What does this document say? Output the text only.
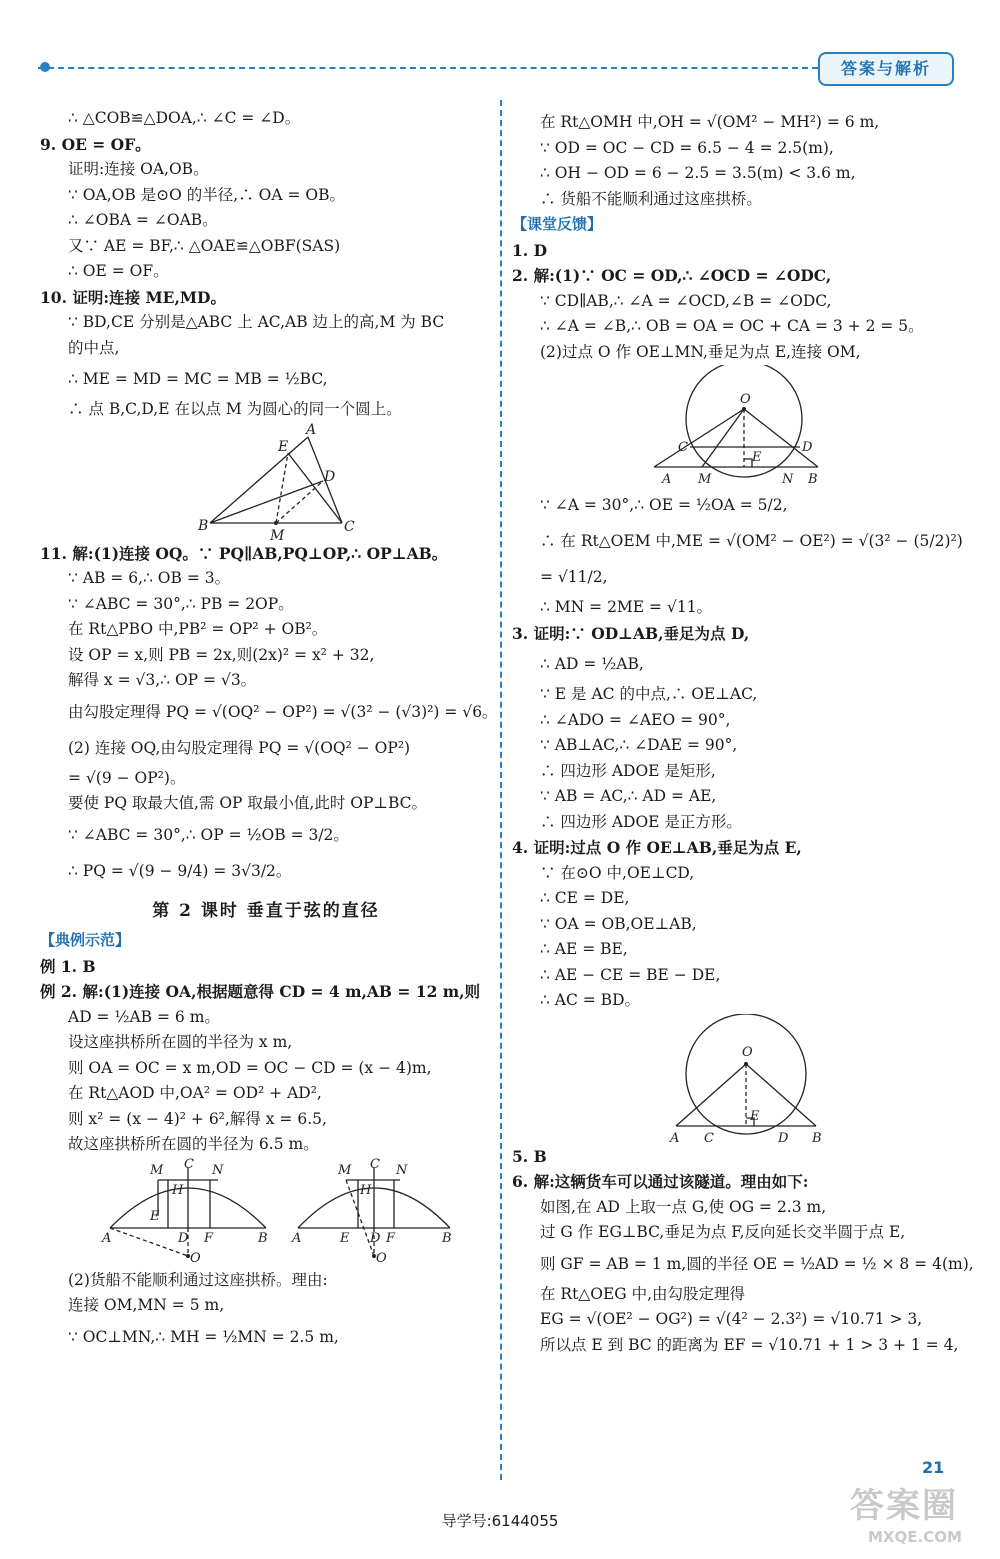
答案与解析
∴ △COB≌△DOA,∴ ∠C = ∠D。
9. OE = OF。
证明:连接 OA,OB。
∵ OA,OB 是⊙O 的半径,∴ OA = OB。
∴ ∠OBA = ∠OAB。
又∵ AE = BF,∴ △OAE≌△OBF(SAS)
∴ OE = OF。
10. 证明:连接 ME,MD。
∵ BD,CE 分别是△ABC 上 AC,AB 边上的高,M 为 BC
的中点,
∴ ME = MD = MC = MB = ½BC,
∴ 点 B,C,D,E 在以点 M 为圆心的同一个圆上。
B
A
C
D
E
M
11. 解:(1)连接 OQ。∵ PQ∥AB,PQ⊥OP,∴ OP⊥AB。
∵ AB = 6,∴ OB = 3。
∵ ∠ABC = 30°,∴ PB = 2OP。
在 Rt△PBO 中,PB² = OP² + OB²。
设 OP = x,则 PB = 2x,则(2x)² = x² + 32,
解得 x = √3,∴ OP = √3。
由勾股定理得 PQ = √(OQ² − OP²) = √(3² − (√3)²) = √6。
(2) 连接 OQ,由勾股定理得 PQ = √(OQ² − OP²)
= √(9 − OP²)。
要使 PQ 取最大值,需 OP 取最小值,此时 OP⊥BC。
∵ ∠ABC = 30°,∴ OP = ½OB = 3/2。
∴ PQ = √(9 − 9/4) = 3√3/2。
第 2 课时 垂直于弦的直径
【典例示范】
例 1. B
例 2. 解:(1)连接 OA,根据题意得 CD = 4 m,AB = 12 m,则
AD = ½AB = 6 m。
设这座拱桥所在圆的半径为 x m,
则 OA = OC = x m,OD = OC − CD = (x − 4)m,
在 Rt△AOD 中,OA² = OD² + AD²,
则 x² = (x − 4)² + 6²,解得 x = 6.5,
故这座拱桥所在圆的半径为 6.5 m。
M C N
H
E
A	D F	B
O
M C N
H
A	E D F	B
O
(2)货船不能顺利通过这座拱桥。理由:
连接 OM,MN = 5 m,
∵ OC⊥MN,∴ MH = ½MN = 2.5 m,
在 Rt△OMH 中,OH = √(OM² − MH²) = 6 m,
∵ OD = OC − CD = 6.5 − 4 = 2.5(m),
∴ OH − OD = 6 − 2.5 = 3.5(m) < 3.6 m,
∴ 货船不能顺利通过这座拱桥。
【课堂反馈】
1. D
2. 解:(1)∵ OC = OD,∴ ∠OCD = ∠ODC,
∵ CD∥AB,∴ ∠A = ∠OCD,∠B = ∠ODC,
∴ ∠A = ∠B,∴ OB = OA = OC + CA = 3 + 2 = 5。
(2)过点 O 作 OE⊥MN,垂足为点 E,连接 OM,
O
C	D
E
A M	N B
∵ ∠A = 30°,∴ OE = ½OA = 5/2,
∴ 在 Rt△OEM 中,ME = √(OM² − OE²) = √(3² − (5/2)²)
= √11/2,
∴ MN = 2ME = √11。
3. 证明:∵ OD⊥AB,垂足为点 D,
∴ AD = ½AB,
∵ E 是 AC 的中点,∴ OE⊥AC,
∴ ∠ADO = ∠AEO = 90°,
∵ AB⊥AC,∴ ∠DAE = 90°,
∴ 四边形 ADOE 是矩形,
∵ AB = AC,∴ AD = AE,
∴ 四边形 ADOE 是正方形。
4. 证明:过点 O 作 OE⊥AB,垂足为点 E,
∵ 在⊙O 中,OE⊥CD,
∴ CE = DE,
∵ OA = OB,OE⊥AB,
∴ AE = BE,
∴ AE − CE = BE − DE,
∴ AC = BD。
O
E
A C	D B
5. B
6. 解:这辆货车可以通过该隧道。理由如下:
如图,在 AD 上取一点 G,使 OG = 2.3 m,
过 G 作 EG⊥BC,垂足为点 F,反向延长交半圆于点 E,
则 GF = AB = 1 m,圆的半径 OE = ½AD = ½ × 8 = 4(m),
在 Rt△OEG 中,由勾股定理得
EG = √(OE² − OG²) = √(4² − 2.3²) = √10.71 > 3,
所以点 E 到 BC 的距离为 EF = √10.71 + 1 > 3 + 1 = 4,
21
导学号:6144055	答案圈
MXQE.COM
